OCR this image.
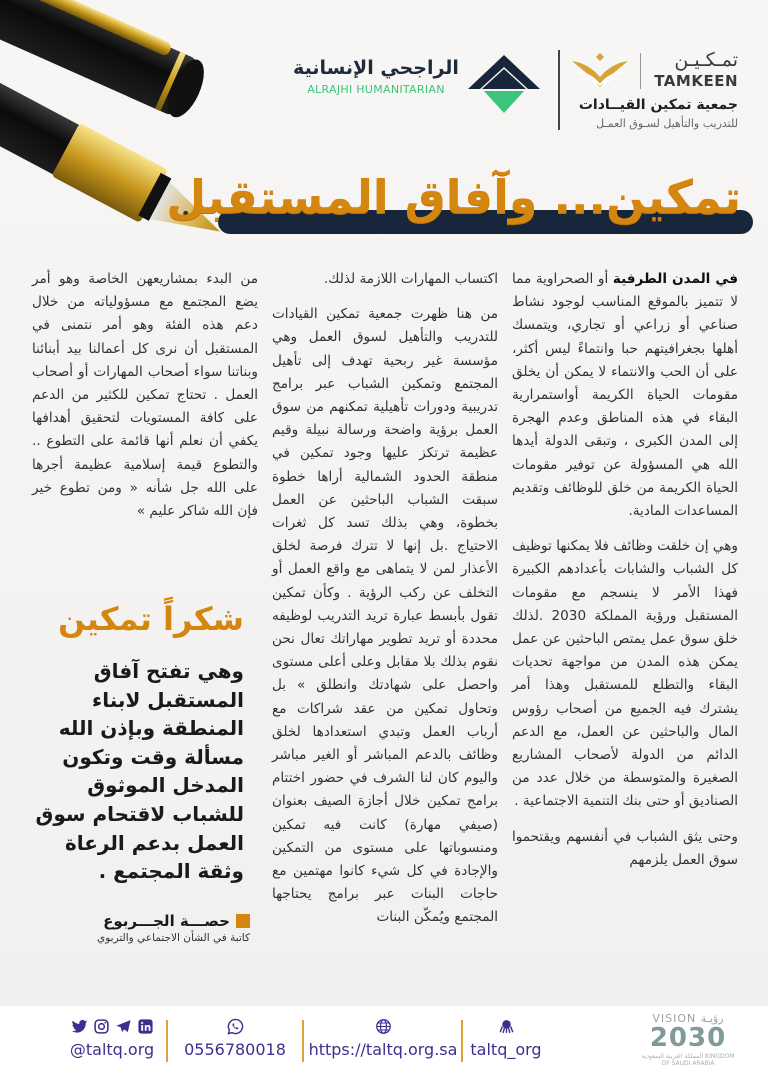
تمـكـيـن
TAMKEEN
جمعية تمكين القيــادات
للتدريب والتأهيل لسـوق العمـل
الراجحي الإنسانية
ALRAJHI HUMANITARIAN
تمكين... وآفاق المستقبل

في المدن الطرفية أو الصحراوية مما لا تتميز بالموقع المناسب لوجود نشاط صناعي أو زراعي أو تجاري، ويتمسك أهلها بجغرافيتهم حبا وانتماءً ليس أكثر، على أن الحب والانتماء لا يمكن أن يخلق مقومات الحياة الكريمة أواستمرارية البقاء في هذه المناطق وعدم الهجرة إلى المدن الكبرى ، وتبقى الدولة أيدها الله هي المسؤولة عن توفير مقومات الحياة الكريمة من خلق للوظائف وتقديم المساعدات المادية.

وهي إن خلقت وظائف فلا يمكنها توظيف كل الشباب والشابات بأعدادهم الكبيرة فهذا الأمر لا ينسجم مع مقومات المستقبل ورؤية المملكة 2030 .لذلك خلق سوق عمل يمتص الباحثين عن عمل يمكن هذه المدن من مواجهة تحديات البقاء والتطلع للمستقبل وهذا أمر يشترك فيه الجميع من أصحاب رؤوس المال والباحثين عن العمل، مع الدعم الدائم من الدولة لأصحاب المشاريع الصغيرة والمتوسطة من خلال عدد من الصناديق أو حتى بنك التنمية الاجتماعية .

وحتى يثق الشباب في أنفسهم ويقتحموا سوق العمل يلزمهم

اكتساب المهارات اللازمة لذلك.

من هنا ظهرت جمعية تمكين القيادات للتدريب والتأهيل لسوق العمل وهي مؤسسة غير ربحية تهدف إلى تأهيل المجتمع وتمكين الشباب عبر برامج تدريبية ودورات تأهيلية تمكنهم من سوق العمل برؤية واضحة ورسالة نبيلة وقيم عظيمة ترتكز عليها وجود تمكين في منطقة الحدود الشمالية أراها خطوة سبقت الشباب الباحثين عن العمل بخطوة، وهي بذلك تسد كل ثغرات الاحتياج .بل إنها لا تترك فرصة لخلق الأعذار لمن لا يتماهى مع واقع العمل أو التخلف عن ركب الرؤية . وكأن تمكين تقول بأبسط عبارة تريد التدريب لوظيفه محددة أو تريد تطوير مهاراتك تعال نحن نقوم بذلك بلا مقابل وعلى أعلى مستوى واحصل على شهادتك وانطلق » بل وتحاول تمكين من عقد شراكات مع أرباب العمل وتبدي استعدادها لخلق وظائف بالدعم المباشر أو الغير مباشر واليوم كان لنا الشرف في حضور اختتام برامج تمكين خلال أجازة الصيف بعنوان (صيفي مهارة) كانت فيه تمكين ومنسوباتها على مستوى من التمكين والإجادة في كل شيء كانوا مهتمين مع حاجات البنات عبر برامج يحتاجها المجتمع ويُمكّن البنات

من البدء بمشاريعهن الخاصة وهو أمر يضع المجتمع مع مسؤولياته من خلال دعم هذه الفئة وهو أمر نتمنى في المستقبل أن نرى كل أعمالنا بيد أبنائنا وبناتنا سواء أصحاب المهارات أو أصحاب العمل . تحتاج تمكين للكثير من الدعم على كافة المستويات لتحقيق أهدافها يكفي أن نعلم أنها قائمة على التطوع .. والتطوع قيمة إسلامية عظيمة أجرها على الله جل شأنه « ومن تطوع خير فإن الله شاكر عليم »

شكراً تمكين
وهي تفتح آفاق المستقبل لابناء المنطقة وبإذن الله مسألة وقت وتكون المدخل الموثوق للشباب لاقتحام سوق العمل بدعم الرعاة وثقة المجتمع .
حصـــة الجـــربوع
كاتبة في الشأن الاجتماعي والتربوي
@taltq.org	0556780018	https://taltq.org.sa taltq_org
VISION رؤيـة
2030
المملكة العربية السعودية KINGDOM OF SAUDI ARABIA
